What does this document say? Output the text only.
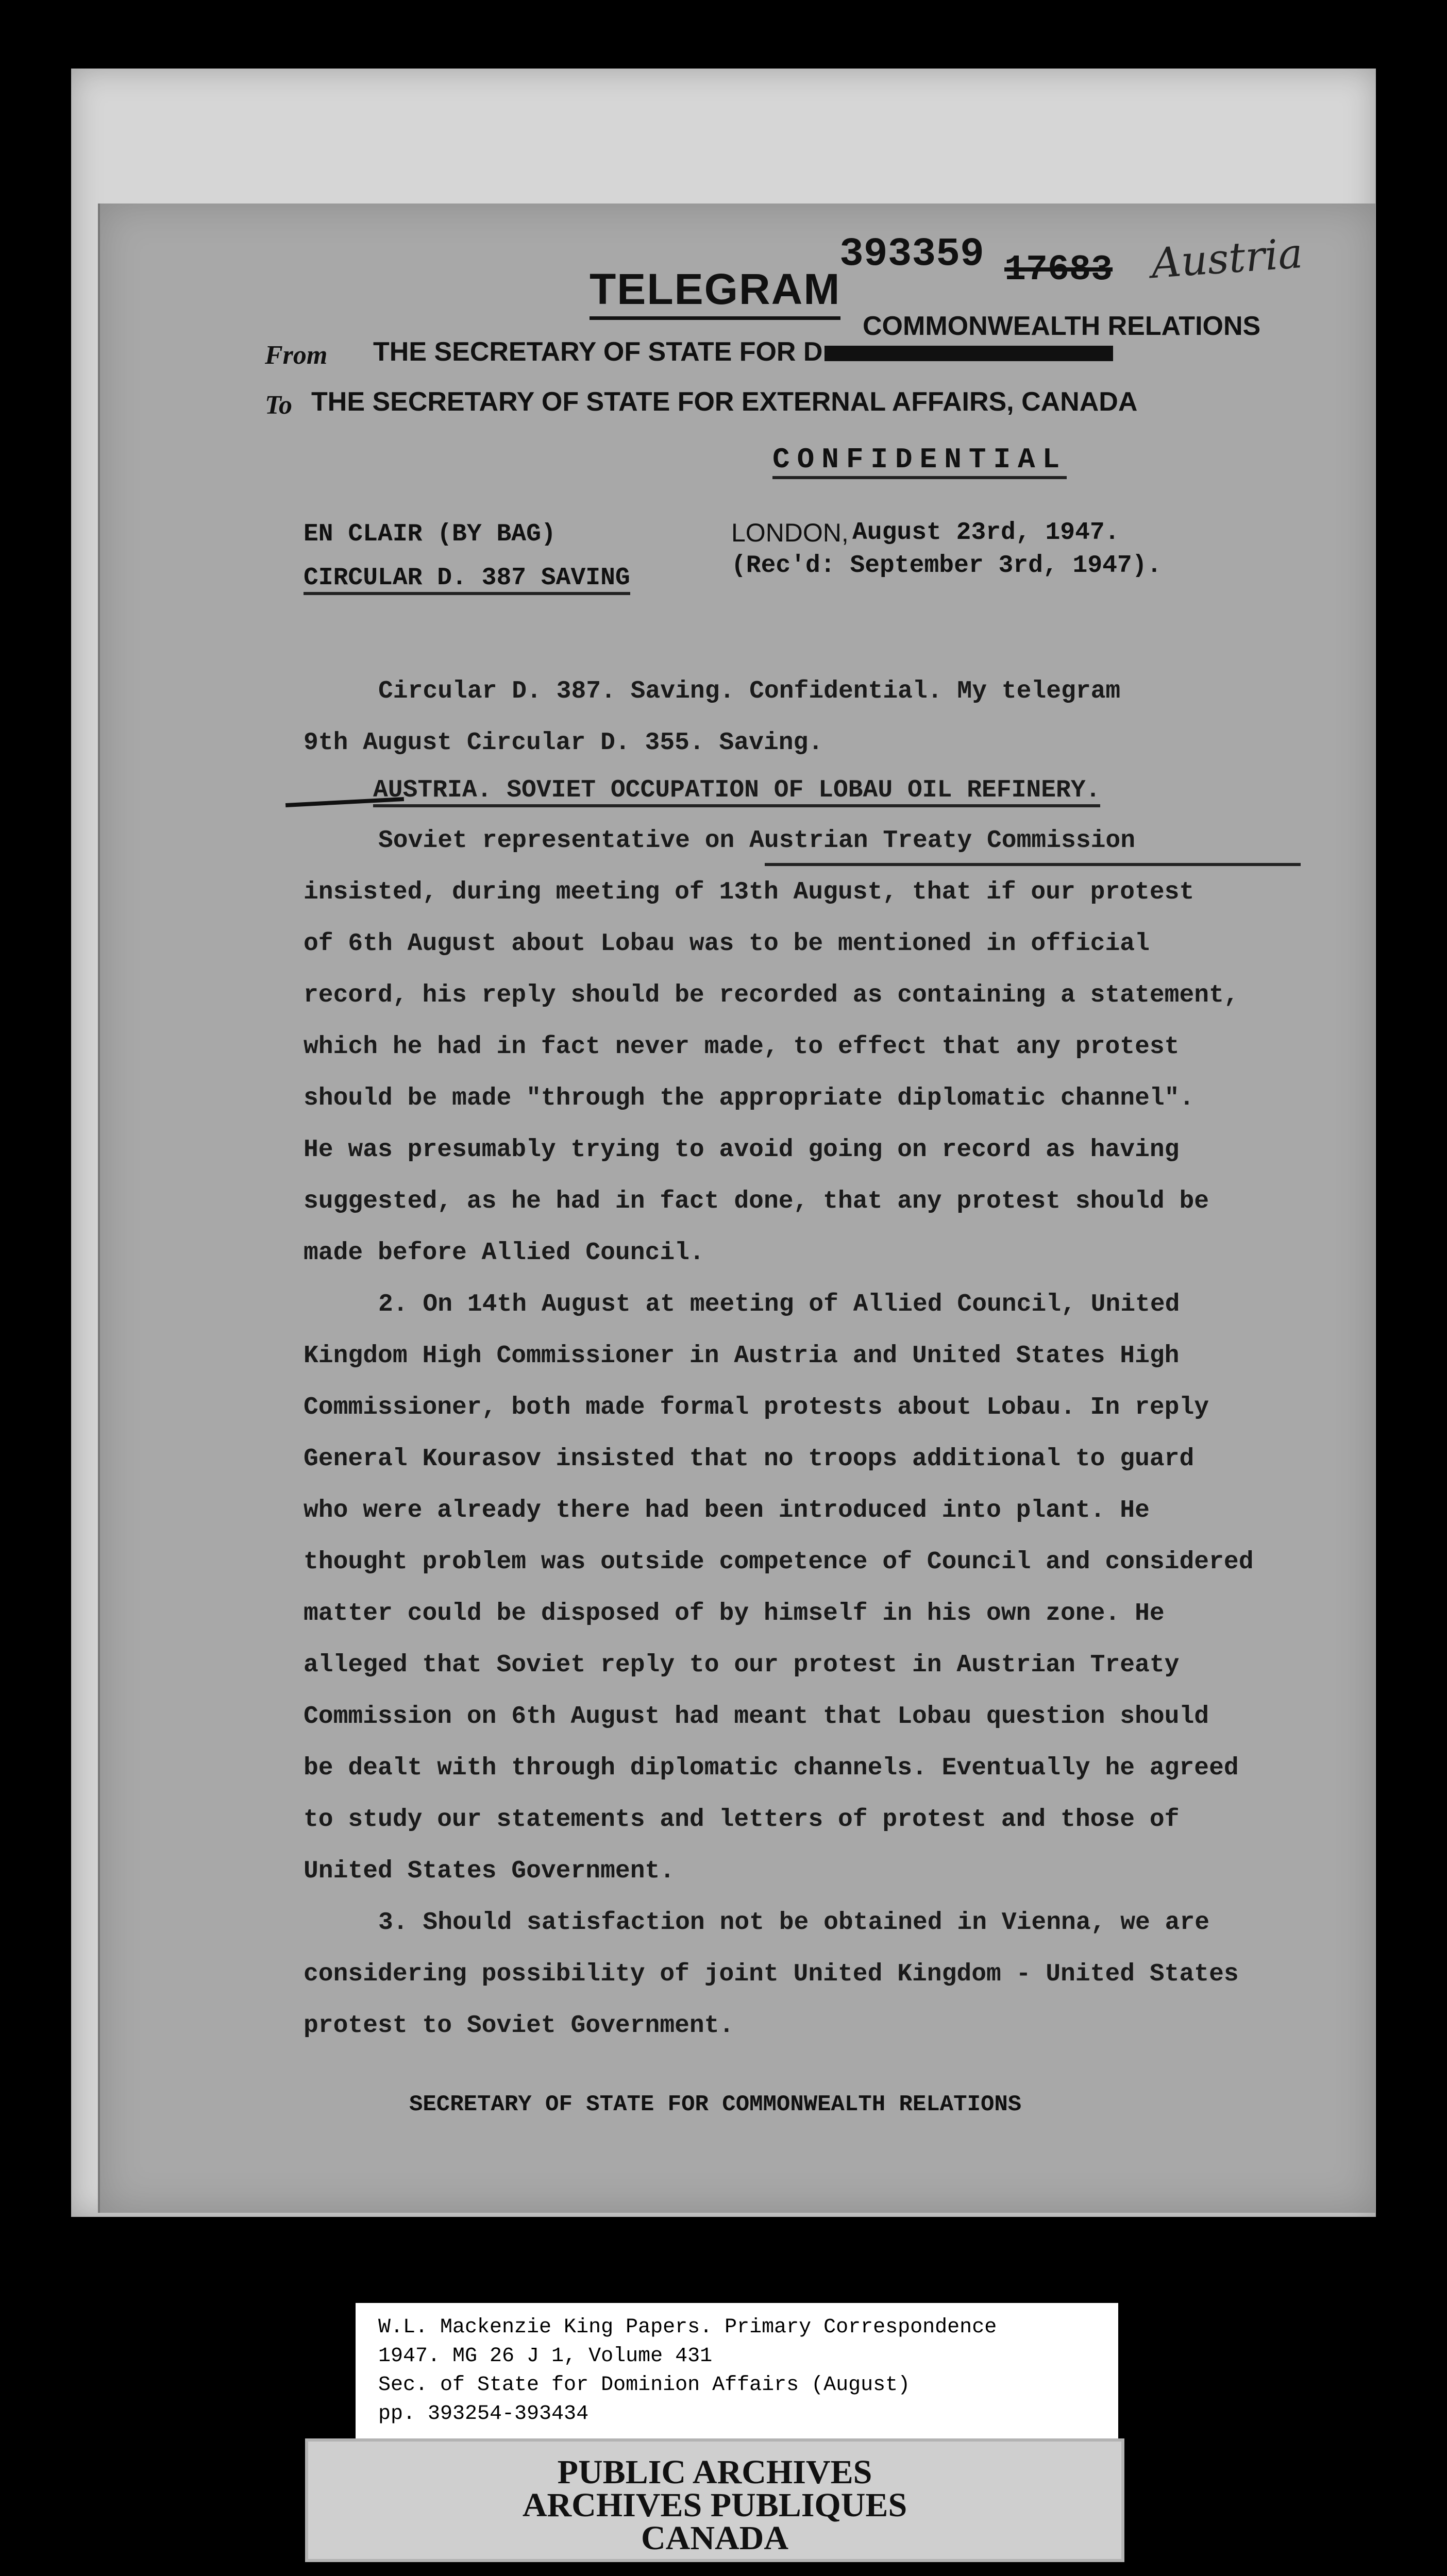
393359 17683 Austria
TELEGRAM
COMMONWEALTH RELATIONS
From THE SECRETARY OF STATE FOR D
To THE SECRETARY OF STATE FOR EXTERNAL AFFAIRS, CANADA
CONFIDENTIAL
EN CLAIR (BY BAG)
CIRCULAR D. 387 SAVING
LONDON, August 23rd, 1947.
(Rec'd: September 3rd, 1947).
Circular D. 387. Saving. Confidential. My telegram
9th August Circular D. 355. Saving.
AUSTRIA. SOVIET OCCUPATION OF LOBAU OIL REFINERY.
Soviet representative on Austrian Treaty Commission
insisted, during meeting of 13th August, that if our protest
of 6th August about Lobau was to be mentioned in official
record, his reply should be recorded as containing a statement,
which he had in fact never made, to effect that any protest
should be made "through the appropriate diplomatic channel".
He was presumably trying to avoid going on record as having
suggested, as he had in fact done, that any protest should be
made before Allied Council.
2. On 14th August at meeting of Allied Council, United
Kingdom High Commissioner in Austria and United States High
Commissioner, both made formal protests about Lobau. In reply
General Kourasov insisted that no troops additional to guard
who were already there had been introduced into plant. He
thought problem was outside competence of Council and considered
matter could be disposed of by himself in his own zone. He
alleged that Soviet reply to our protest in Austrian Treaty
Commission on 6th August had meant that Lobau question should
be dealt with through diplomatic channels. Eventually he agreed
to study our statements and letters of protest and those of
United States Government.
3. Should satisfaction not be obtained in Vienna, we are
considering possibility of joint United Kingdom - United States
protest to Soviet Government.
SECRETARY OF STATE FOR COMMONWEALTH RELATIONS
W.L. Mackenzie King Papers. Primary Correspondence
1947. MG 26 J 1, Volume 431
Sec. of State for Dominion Affairs (August)
pp. 393254-393434
PUBLIC ARCHIVES
ARCHIVES PUBLIQUES
CANADA
